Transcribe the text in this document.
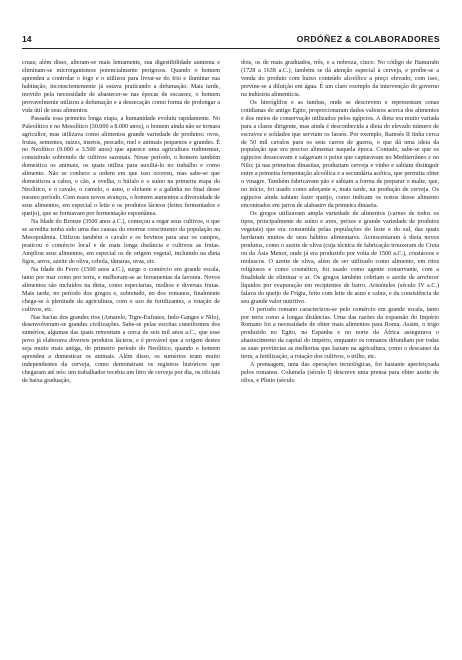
14	ORDÓÑEZ & COLABORADORES

cruas; além disso, alteram-se mais lentamente, sua digestibilidade aumenta e eliminam-se microrganismos potencialmente perigosos. Quando o homem aprendeu a controlar o fogo e o utilizou para livrar-se do frio e iluminar sua habitação, inconscientemente já estava praticando a defumação. Mais tarde, movido pela necessidade de abastecer-se nas épocas de escassez, o homem provavelmente utilizou a defumação e a dessecação como forma de prolongar a vida útil de seus alimentos.

Passada essa primeira longa etapa, a humanidade evoluiu rapidamente. No Paleolítico e no Mesolítico (30.000 a 8.000 anos), o homem ainda não se tornara agricultor, mas utilizava como alimentos grande variedade de produtos: ovos, frutas, sementes, raízes, insetos, pescado, mel e animais pequenos e grandes. É no Neolítico (9.000 a 3.500 anos) que aparece uma agricultura rudimentar, consistindo sobretudo de cultivos sazonais. Nesse período, o homem também domestica os animais, os quais utiliza para auxiliá-lo no trabalho e como alimento. Não se conhece a ordem em que isso ocorreu, mas sabe-se que domesticou a cabra, o cão, a ovelha, o búfalo e o suíno na primeira etapa do Neolítico, e o cavalo, o camelo, o asno, o elefante e a galinha no final desse mesmo período. Com esses novos avanços, o homem aumentou a diversidade de seus alimentos, em especial o leite e os produtos lácteos (leites fermentados e queijo), que se formavam por fermentação espontânea.

Na Idade do Bronze (3500 anos a.C.), começou a regar seus cultivos, o que se acredita tenha sido uma das causas do enorme crescimento da população na Mesopotâmia. Utilizou também o cavalo e os bovinos para arar os campos, praticou o comércio local e de mais longa distância e cultivou as frutas. Ampliou seus alimentos, em especial os de origem vegetal, incluindo na dieta figos, arroz, azeite de oliva, cebola, tâmaras, uvas, etc.

Na Idade do Ferro (1500 anos a.C.), surge o comércio em grande escala, tanto por mar como por terra, e melhoram-se as ferramentas da lavoura. Novos alimentos são incluídos na dieta, como especiarias, molhos e diversas frutas. Mais tarde, no período dos gregos e, sobretudo, no dos romanos, finalmente chega-se à plenitude da agricultura, com o uso de fertilizantes, a rotação de cultivos, etc.

Nas bacias dos grandes rios (Amarelo, Tigre-Eufrates, Indo-Ganges e Nilo), desenvolveram-se grandes civilizações. Sabe-se pelas escritas cuneiformes dos sumérios, algumas das quais remontam a cerca de seis mil anos a.C., que esse povo já elaborava diversos produtos lácteos, e é provável que a origem destes seja muito mais antiga, do primeiro período do Neolítico, quando o homem aprendeu a domesticar os animais. Além disso, os sumérios eram muito independentes da cerveja, como demonstram os registros históricos que chegaram até nós: um trabalhador recebia um litro de cerveja por dia, os oficiais de baixa graduação,

dois, os de mais graduados, três, e a nobreza, cinco. No código de Hamurabi (1728 a 1638 a.C.), também se dá atenção especial à cerveja, e proíbe-se a venda do produto com baixo conteúdo alcoólico a preço elevado; com isso, previne-se a diluição em água. É um claro exemplo da intervenção do governo na indústria alimentícia.

Os hieróglifos e as tumbas, onde se descrevem e representam cenas cotidianas do antigo Egito, proporcionaram dados valiosos acerca dos alimentos e dos meios de conservação utilizados pelos egípcios. A dieta era muito variada para a classe dirigente, mas ainda é desconhecida a dieta do elevado número de escravos e soldados que serviam os faraós. Por exemplo, Ramsés II tinha cerca de 50 mil cavalos para os seus carros de guerra, o que dá uma ideia da população que era preciso alimentar naquela época. Contudo, sabe-se que os egípcios dessecavam e salgavam o peixe que capturavam no Mediterrâneo e no Nilo; já nas primeiras dinastias, produziam cerveja e vinho e sabiam distinguir entre a primeira fermentação alcoólica e a secundária acética, que permitia obter o vinagre. Também fabricavam pão e sabiam a forma de preparar o malte, que, no início, foi usado como adoçante e, mais tarde, na produção de cerveja. Os egípcios ainda sabiam fazer queijo, como indicam os restos desse alimento encontrados em jarros de alabastro da primeira dinastia.

Os gregos utilizavam ampla variedade de alimentos (carnes de todos os tipos, principalmente de suíno e aves, peixes e grande variedade de produtos vegetais) que era consumida pelas populações do leste e do sul, das quais herdaram muitos de seus hábitos alimentares. Acrescentaram à dieta novos produtos, como o azeite de oliva (cuja técnica de fabricação trouxeram de Creta ou da Ásia Menor, onde já era produzido por volta de 1500 a.C.), crustáceos e moluscos. O azeite de oliva, além de ser utilizado como alimento, em ritos religiosos e como cosmético, foi usado como agente conservante, com a finalidade de eliminar o ar. Os gregos também cobriam o azeite de arrefecer líquidos por evaporação em recipientes de barro. Aristóteles (século IV a.C.) falava do queijo de Frígia, feito com leite de asno e cabra, e da consistência de seu grande valor nutritivo.

O período romano caracterizou-se pelo comércio em grande escala, tanto por terra como a longas distâncias. Uma das razões da expansão do Império Romano foi a necessidade de obter mais alimentos para Roma. Assim, o trigo produzido no Egito, na Espanha e no norte da África assegurava o abastecimento da capital do império, enquanto os romanos difundiam por todas as suas províncias as melhorias que faziam na agricultura, como o descanso da terra, a fertilização, a rotação dos cultivos, o trilho, etc.

A prensagem, uma das operações tecnológicas, foi bastante aperfeiçoada pelos romanos. Columela (século I) descreve uma prensa para obter azeite de oliva, e Plínio (século
